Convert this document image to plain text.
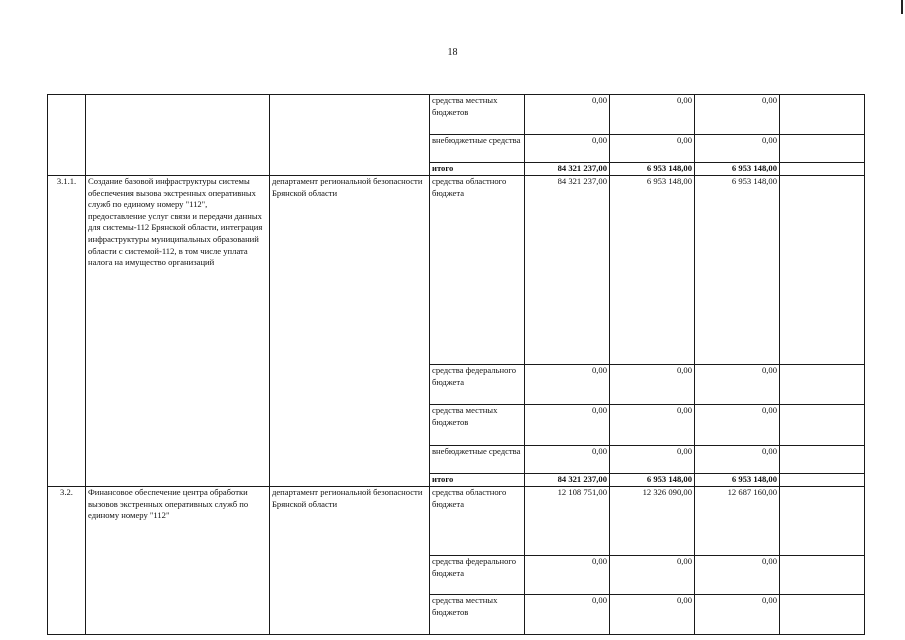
18
			средства местных бюджетов	0,00	0,00	0,00	
			внебюджетные средства	0,00	0,00	0,00	
			итого	84 321 237,00	6 953 148,00	6 953 148,00	
3.1.1.	Создание базовой инфраструктуры системы обеспечения вызова экстренных оперативных служб по единому номеру "112", предоставление услуг связи и передачи данных для системы-112 Брянской области, интеграция инфраструктуры муниципальных образований области с системой-112, в том числе уплата налога на имущество организаций	департамент региональной безопасности Брянской области	средства областного бюджета	84 321 237,00	6 953 148,00	6 953 148,00	
			средства федерального бюджета	0,00	0,00	0,00	
			средства местных бюджетов	0,00	0,00	0,00	
			внебюджетные средства	0,00	0,00	0,00	
			итого	84 321 237,00	6 953 148,00	6 953 148,00	
3.2.	Финансовое обеспечение центра обработки вызовов экстренных оперативных служб по единому номеру "112"	департамент региональной безопасности Брянской области	средства областного бюджета	12 108 751,00	12 326 090,00	12 687 160,00	
			средства федерального бюджета	0,00	0,00	0,00	
			средства местных бюджетов	0,00	0,00	0,00	
